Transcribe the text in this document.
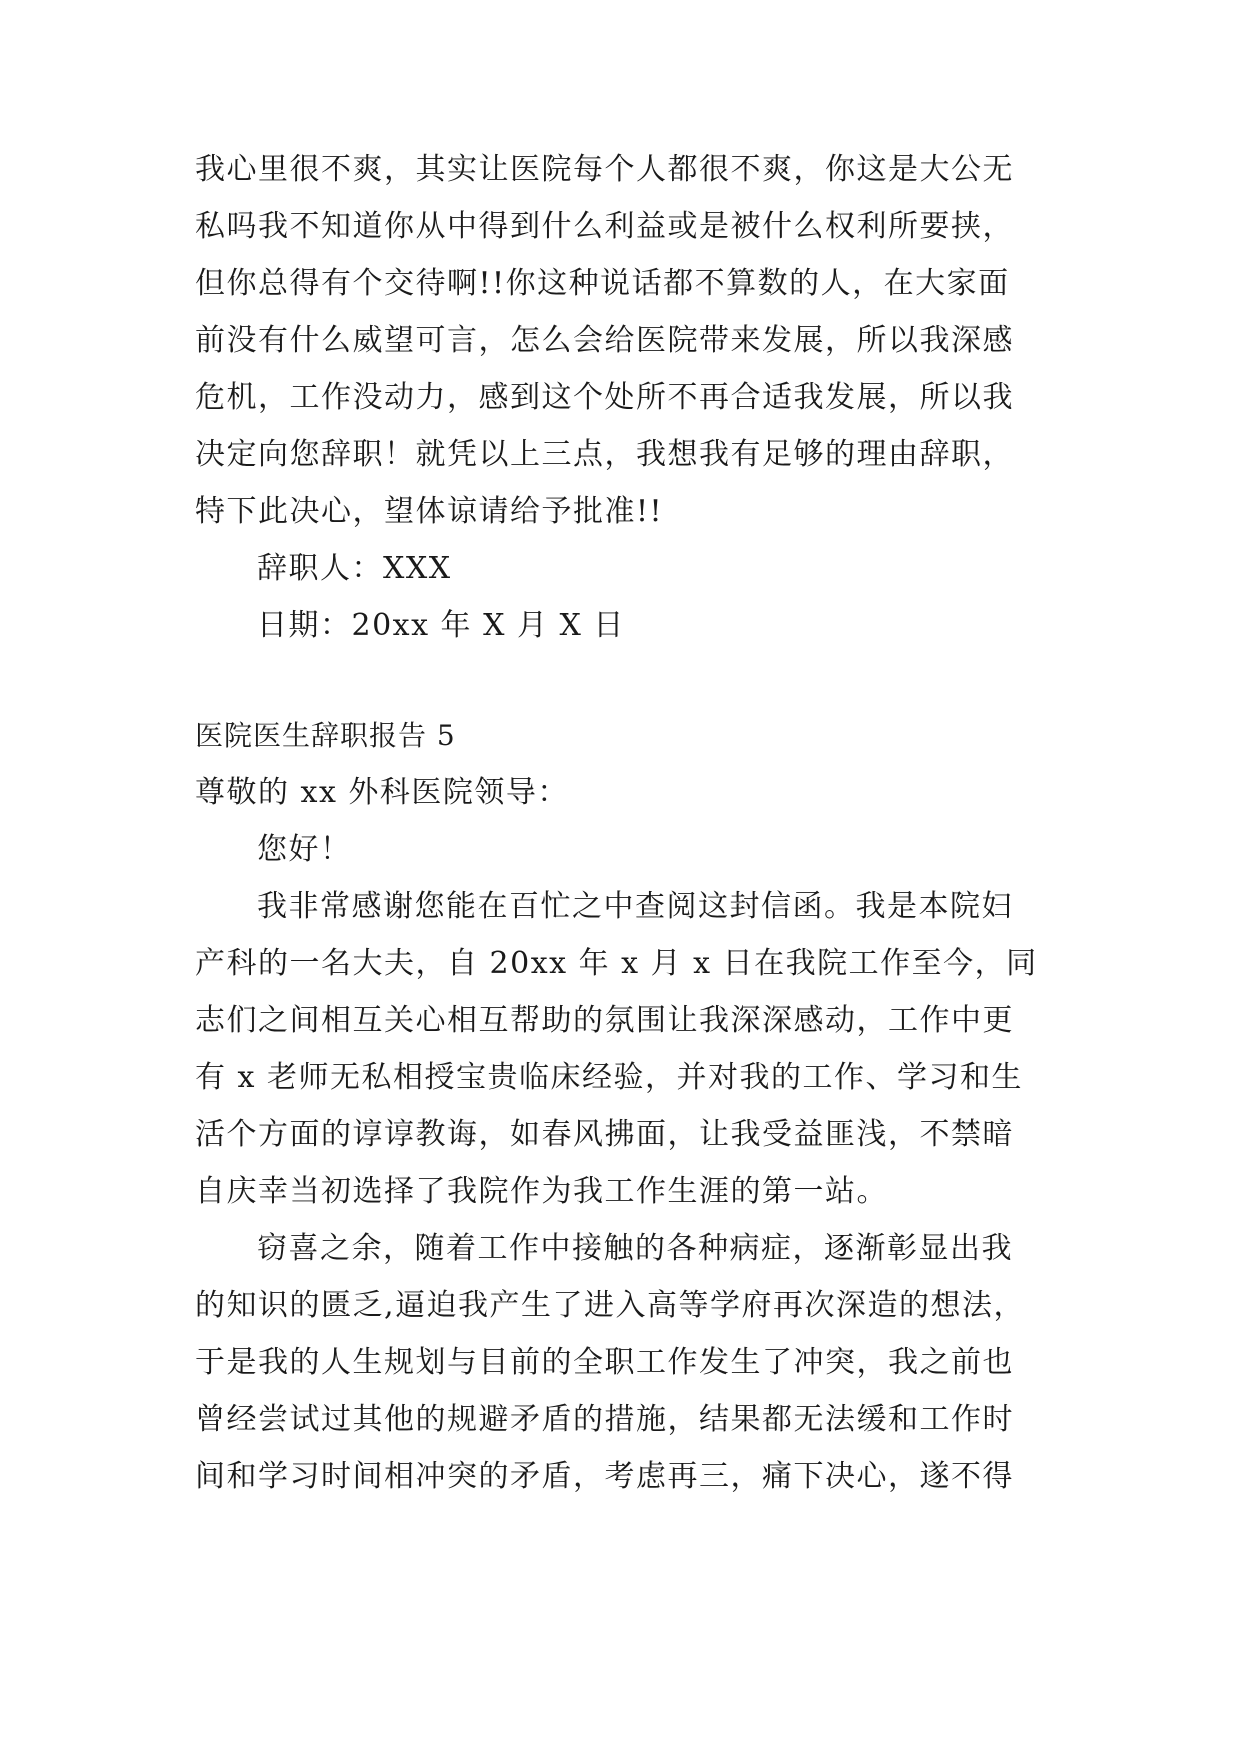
我心里很不爽，其实让医院每个人都很不爽，你这是大公无
私吗我不知道你从中得到什么利益或是被什么权利所要挟，
但你总得有个交待啊!!你这种说话都不算数的人，在大家面
前没有什么威望可言，怎么会给医院带来发展，所以我深感
危机，工作没动力，感到这个处所不再合适我发展，所以我
决定向您辞职！就凭以上三点，我想我有足够的理由辞职，
特下此决心，望体谅请给予批准!!
辞职人：XXX
日期：20xx 年 X 月 X 日
医院医生辞职报告 5
尊敬的 xx 外科医院领导：
您好！
我非常感谢您能在百忙之中查阅这封信函。我是本院妇
产科的一名大夫，自 20xx 年 x 月 x 日在我院工作至今，同
志们之间相互关心相互帮助的氛围让我深深感动，工作中更
有 x 老师无私相授宝贵临床经验，并对我的工作、学习和生
活个方面的谆谆教诲，如春风拂面，让我受益匪浅，不禁暗
自庆幸当初选择了我院作为我工作生涯的第一站。
窃喜之余，随着工作中接触的各种病症，逐渐彰显出我
的知识的匮乏,逼迫我产生了进入高等学府再次深造的想法，
于是我的人生规划与目前的全职工作发生了冲突，我之前也
曾经尝试过其他的规避矛盾的措施，结果都无法缓和工作时
间和学习时间相冲突的矛盾，考虑再三，痛下决心，遂不得
